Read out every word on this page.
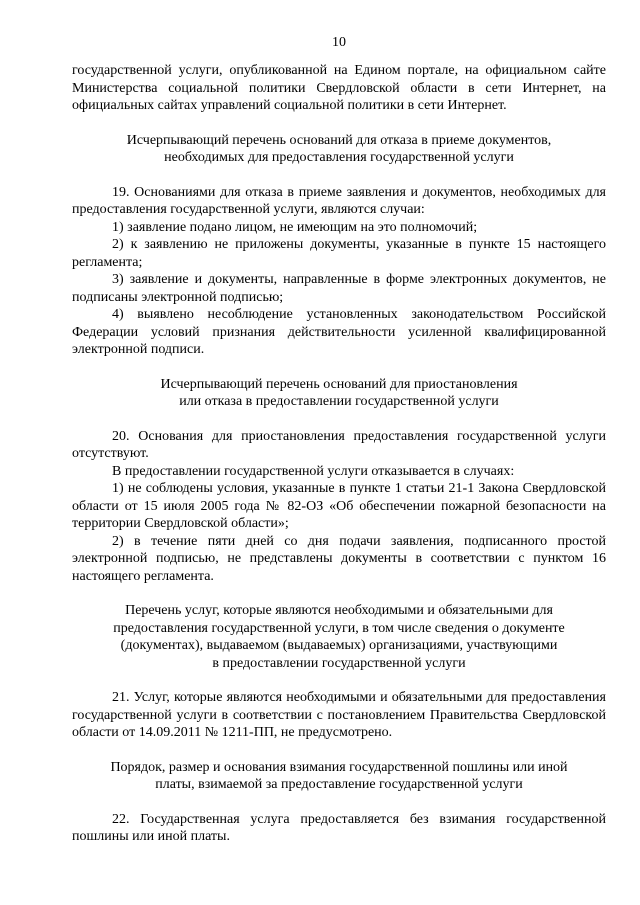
10

государственной услуги, опубликованной на Едином портале, на официальном сайте Министерства социальной политики Свердловской области в сети Интернет, на официальных сайтах управлений социальной политики в сети Интернет.

Исчерпывающий перечень оснований для отказа в приеме документов,
необходимых для предоставления государственной услуги

19. Основаниями для отказа в приеме заявления и документов, необходимых для предоставления государственной услуги, являются случаи:

1) заявление подано лицом, не имеющим на это полномочий;

2) к заявлению не приложены документы, указанные в пункте 15 настоящего регламента;

3) заявление и документы, направленные в форме электронных документов, не подписаны электронной подписью;

4) выявлено несоблюдение установленных законодательством Российской Федерации условий признания действительности усиленной квалифицированной электронной подписи.

Исчерпывающий перечень оснований для приостановления
или отказа в предоставлении государственной услуги

20. Основания для приостановления предоставления государственной услуги отсутствуют.

В предоставлении государственной услуги отказывается в случаях:

1) не соблюдены условия, указанные в пункте 1 статьи 21-1 Закона Свердловской области от 15 июля 2005 года № 82-ОЗ «Об обеспечении пожарной безопасности на территории Свердловской области»;

2) в течение пяти дней со дня подачи заявления, подписанного простой электронной подписью, не представлены документы в соответствии с пунктом 16 настоящего регламента.

Перечень услуг, которые являются необходимыми и обязательными для
предоставления государственной услуги, в том числе сведения о документе
(документах), выдаваемом (выдаваемых) организациями, участвующими
в предоставлении государственной услуги

21. Услуг, которые являются необходимыми и обязательными для предоставления государственной услуги в соответствии с постановлением Правительства Свердловской области от 14.09.2011 № 1211-ПП, не предусмотрено.

Порядок, размер и основания взимания государственной пошлины или иной
платы, взимаемой за предоставление государственной услуги

22. Государственная услуга предоставляется без взимания государственной пошлины или иной платы.
